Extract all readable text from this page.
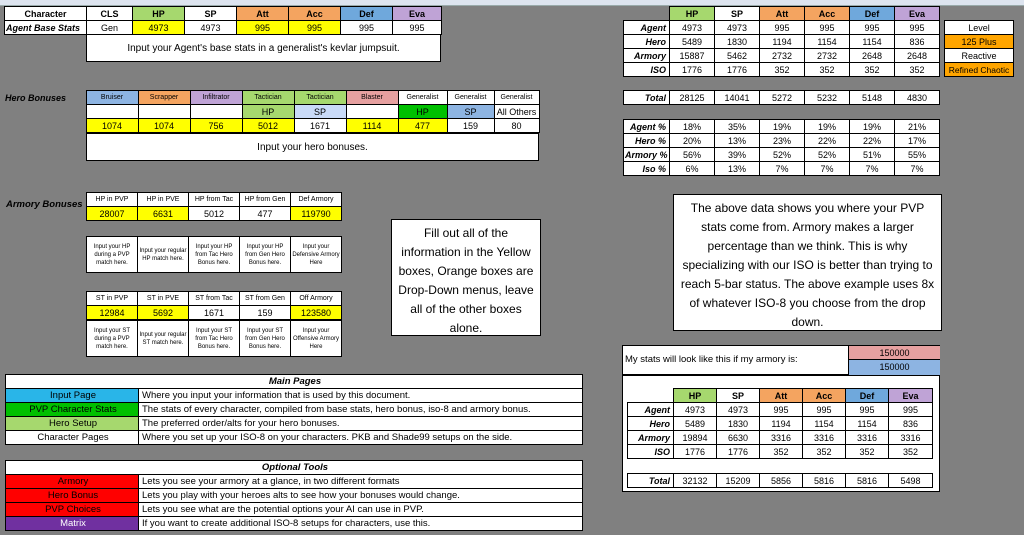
Character	CLS	HP	SP	Att	Acc	Def	Eva
Agent Base Stats	Gen	4973	4973	995	995	995	995
Input your Agent's base stats in a generalist's kevlar jumpsuit.
Hero Bonuses	Bruiser	Scrapper	Infiltrator	Tactician	Tactician	Blaster	Generalist	Generalist	Generalist
				HP	SP		HP	SP	All Others
	1074	1074	756	5012	1671	1114	477	159	80
Input your hero bonuses.
Armory Bonuses HP in PVP	HP in PVE	HP from Tac	HP from Gen	Def Armory
28007	6631	5012	477	119790
Input your HP during a PVP match here.	Input your regular HP match here.	Input your HP from Tac Hero Bonus here.	Input your HP from Gen Hero Bonus here.	Input your Defensive Armory Here
ST in PVP	ST in PVE	ST from Tac	ST from Gen	Off Armory
12984	5692	1671	159	123580
Input your ST during a PVP match here.	Input your regular ST match here.	Input your ST from Tac Hero Bonus here.	Input your ST from Gen Hero Bonus here.	Input your Offensive Armory Here
Fill out all of the information in the Yellow boxes, Orange boxes are Drop-Down menus, leave all of the other boxes alone.
	HP	SP	Att	Acc	Def	Eva
Agent	4973	4973	995	995	995	995
Hero	5489	1830	1194	1154	1154	836
Armory	15887	5462	2732	2732	2648	2648
ISO	1776	1776	352	352	352	352
Total	28125	14041	5272	5232	5148	4830
Agent %	18%	35%	19%	19%	19%	21%
Hero %	20%	13%	23%	22%	22%	17%
Armory %	56%	39%	52%	52%	51%	55%
Iso %	6%	13%	7%	7%	7%	7%
Level
125 Plus
Reactive
Refined Chaotic
The above data shows you where your PVP stats come from. Armory makes a larger percentage than we think. This is why specializing with our ISO is better than trying to reach 5-bar status. The above example uses 8x of whatever ISO-8 you choose from the drop down.
My stats will look like this if my armory is:
150000
150000
	HP	SP	Att	Acc	Def	Eva
Agent	4973	4973	995	995	995	995
Hero	5489	1830	1194	1154	1154	836
Armory	19894	6630	3316	3316	3316	3316
ISO	1776	1776	352	352	352	352
Total	32132	15209	5856	5816	5816	5498
Main Pages	
Input Page	Where you input your information that is used by this document.
PVP Character Stats	The stats of every character, compiled from base stats, hero bonus, iso-8 and armory bonus.
Hero Setup	The preferred order/alts for your hero bonuses.
Character Pages	Where you set up your ISO-8 on your characters. PKB and Shade99 setups on the side.
Optional Tools	
Armory	Lets you see your armory at a glance, in two different formats
Hero Bonus	Lets you play with your heroes alts to see how your bonuses would change.
PVP Choices	Lets you see what are the potential options your AI can use in PVP.
Matrix	If you want to create additional ISO-8 setups for characters, use this.
